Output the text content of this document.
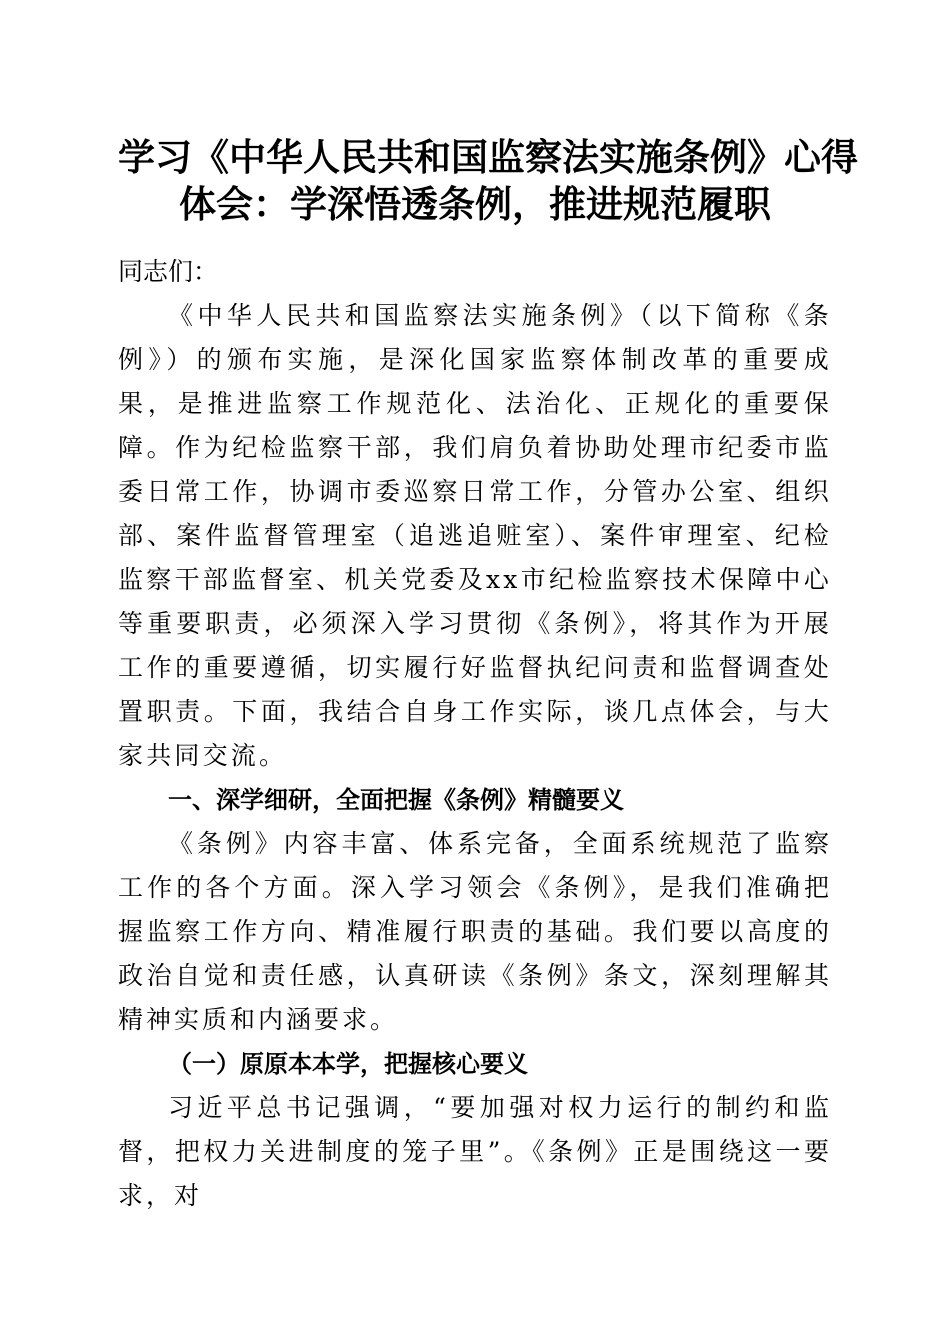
学习《中华人民共和国监察法实施条例》心得
体会：学深悟透条例，推进规范履职

同志们：

《中华人民共和国监察法实施条例》（以下简称《条例》）的颁布实施，是深化国家监察体制改革的重要成果，是推进监察工作规范化、法治化、正规化的重要保障。作为纪检监察干部，我们肩负着协助处理市纪委市监委日常工作，协调市委巡察日常工作，分管办公室、组织部、案件监督管理室（追逃追赃室）、案件审理室、纪检监察干部监督室、机关党委及xx市纪检监察技术保障中心等重要职责，必须深入学习贯彻《条例》，将其作为开展工作的重要遵循，切实履行好监督执纪问责和监督调查处置职责。下面，我结合自身工作实际，谈几点体会，与大家共同交流。

一、深学细研，全面把握《条例》精髓要义

《条例》内容丰富、体系完备，全面系统规范了监察工作的各个方面。深入学习领会《条例》，是我们准确把握监察工作方向、精准履行职责的基础。我们要以高度的政治自觉和责任感，认真研读《条例》条文，深刻理解其精神实质和内涵要求。

（一）原原本本学，把握核心要义

习近平总书记强调，“要加强对权力运行的制约和监督，把权力关进制度的笼子里”。《条例》正是围绕这一要求，对
